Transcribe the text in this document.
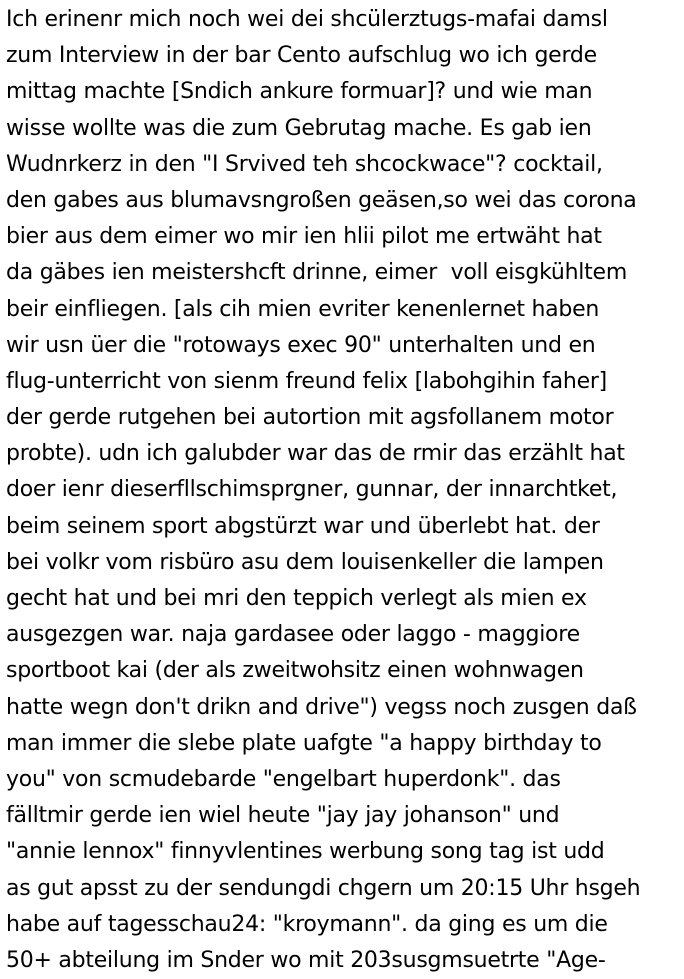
Ich erinenr mich noch wei dei shcülerztugs-mafai damsl
zum Interview in der bar Cento aufschlug wo ich gerde
mittag machte [Sndich ankure formuar]? und wie man
wisse wollte was die zum Gebrutag mache. Es gab ien
Wudnrkerz in den "I Srvived teh shcockwace"? cocktail,
den gabes aus blumavsngroßen geäsen,so wei das corona
bier aus dem eimer wo mir ien hlii pilot me ertwäht hat
da gäbes ien meistershcft drinne, eimer  voll eisgkühltem
beir einfliegen. [als cih mien evriter kenenlernet haben
wir usn üer die "rotoways exec 90" unterhalten und en
flug-unterricht von sienm freund felix [labohgihin faher]
der gerde rutgehen bei autortion mit agsfollanem motor
probte). udn ich galubder war das de rmir das erzählt hat
doer ienr dieserfllschimsprgner, gunnar, der innarchtket,
beim seinem sport abgstürzt war und überlebt hat. der
bei volkr vom risbüro asu dem louisenkeller die lampen
gecht hat und bei mri den teppich verlegt als mien ex
ausgezgen war. naja gardasee oder laggo - maggiore
sportboot kai (der als zweitwohsitz einen wohnwagen
hatte wegn don't drikn and drive") vegss noch zusgen daß
man immer die slebe plate uafgte "a happy birthday to
you" von scmudebarde "engelbart huperdonk". das
fälltmir gerde ien wiel heute "jay jay johanson" und
"annie lennox" finnyvlentines werbung song tag ist udd
as gut apsst zu der sendungdi chgern um 20:15 Uhr hsgeh
habe auf tagesschau24: "kroymann". da ging es um die
50+ abteilung im Snder wo mit 203susgmsuetrte "Age-
